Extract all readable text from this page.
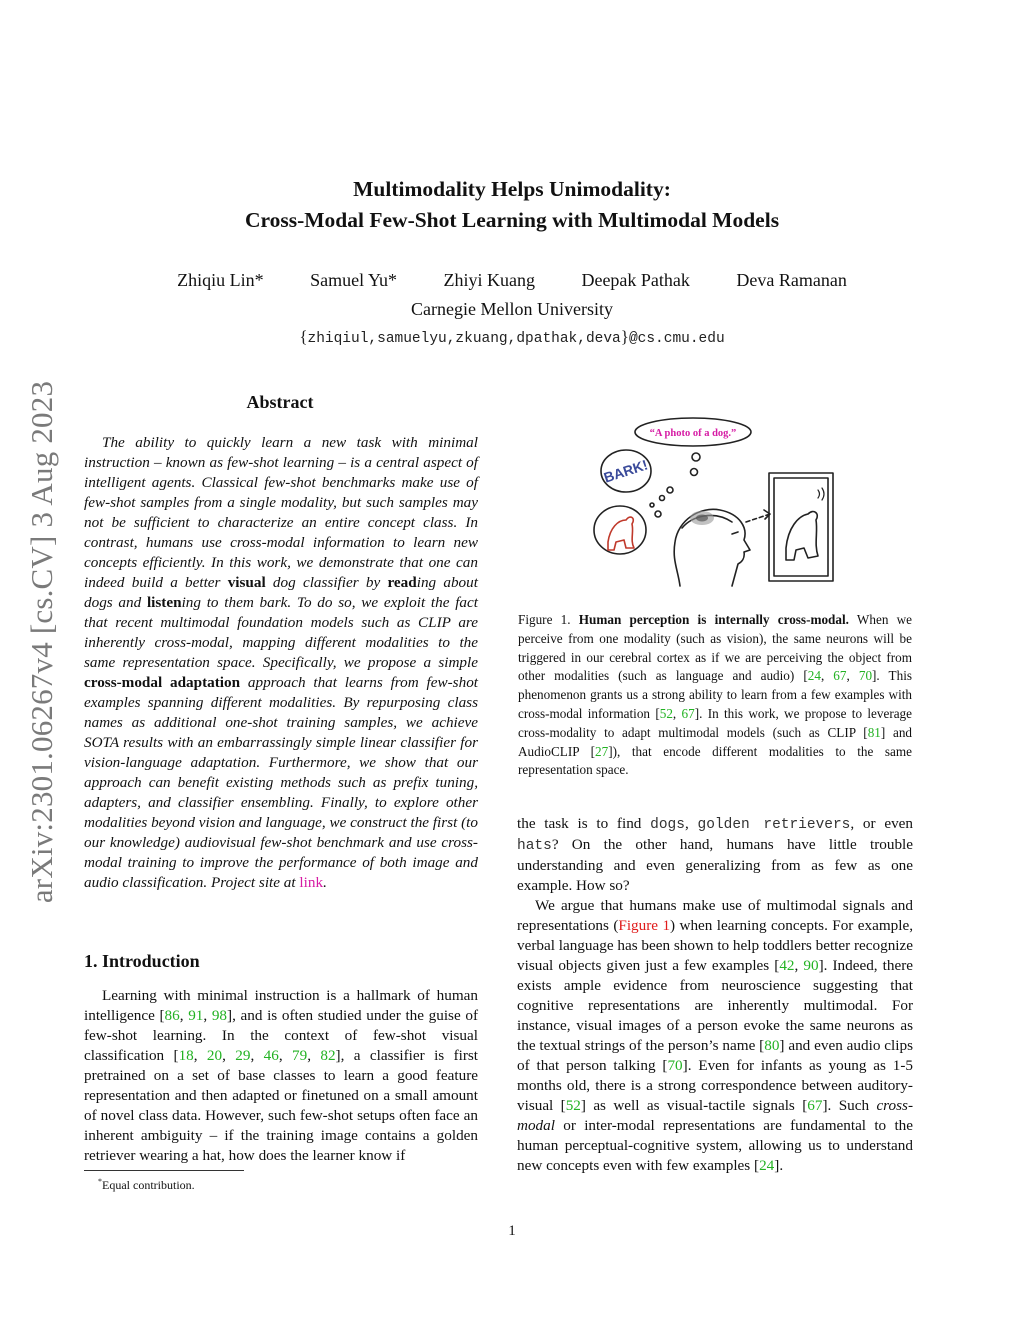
Multimodality Helps Unimodality:
Cross-Modal Few-Shot Learning with Multimodal Models
Zhiqiu Lin*	Samuel Yu*	Zhiyi Kuang	Deepak Pathak	Deva Ramanan
Carnegie Mellon University
{zhiqiul,samuelyu,zkuang,dpathak,deva}@cs.cmu.edu
arXiv:2301.06267v4 [cs.CV] 3 Aug 2023	Abstract

The ability to quickly learn a new task with minimal instruction – known as few-shot learning – is a central aspect of intelligent agents. Classical few-shot benchmarks make use of few-shot samples from a single modality, but such samples may not be sufficient to characterize an entire concept class. In contrast, humans use cross-modal information to learn new concepts efficiently. In this work, we demonstrate that one can indeed build a better visual dog classifier by reading about dogs and listening to them bark. To do so, we exploit the fact that recent multimodal foundation models such as CLIP are inherently cross-modal, mapping different modalities to the same representation space. Specifically, we propose a simple cross-modal adaptation approach that learns from few-shot examples spanning different modalities. By repurposing class names as additional one-shot training samples, we achieve SOTA results with an embarrassingly simple linear classifier for vision-language adaptation. Furthermore, we show that our approach can benefit existing methods such as prefix tuning, adapters, and classifier ensembling. Finally, to explore other modalities beyond vision and language, we construct the first (to our knowledge) audiovisual few-shot benchmark and use cross-modal training to improve the performance of both image and audio classification. Project site at link.

1. Introduction

Learning with minimal instruction is a hallmark of human intelligence [86, 91, 98], and is often studied under the guise of few-shot learning. In the context of few-shot visual classification [18, 20, 29, 46, 79, 82], a classifier is first pretrained on a set of base classes to learn a good feature representation and then adapted or finetuned on a small amount of novel class data. However, such few-shot setups often face an inherent ambiguity – if the training image contains a golden retriever wearing a hat, how does the learner know if

*Equal contribution.
“A photo of a dog.”
BARK!
Figure 1. Human perception is internally cross-modal. When we perceive from one modality (such as vision), the same neurons will be triggered in our cerebral cortex as if we are perceiving the object from other modalities (such as language and audio) [24, 67, 70]. This phenomenon grants us a strong ability to learn from a few examples with cross-modal information [52, 67]. In this work, we propose to leverage cross-modality to adapt multimodal models (such as CLIP [81] and AudioCLIP [27]), that encode different modalities to the same representation space.

the task is to find dogs, golden retrievers, or even hats? On the other hand, humans have little trouble understanding and even generalizing from as few as one example. How so?

We argue that humans make use of multimodal signals and representations (Figure 1) when learning concepts. For example, verbal language has been shown to help toddlers better recognize visual objects given just a few examples [42, 90]. Indeed, there exists ample evidence from neuroscience suggesting that cognitive representations are inherently multimodal. For instance, visual images of a person evoke the same neurons as the textual strings of the person’s name [80] and even audio clips of that person talking [70]. Even for infants as young as 1-5 months old, there is a strong correspondence between auditory-visual [52] as well as visual-tactile signals [67]. Such cross-modal or inter-modal representations are fundamental to the human perceptual-cognitive system, allowing us to understand new concepts even with few examples [24].

1
